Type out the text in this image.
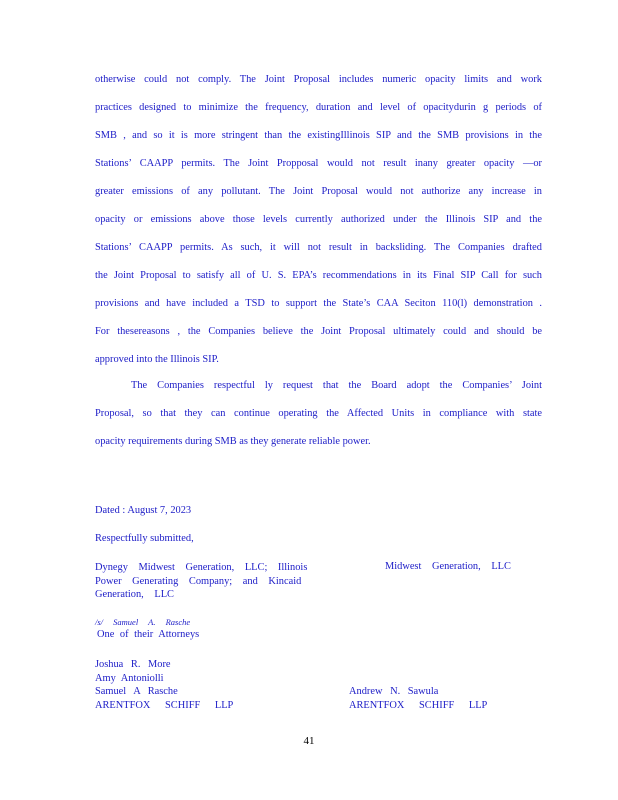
otherwise could not comply. The Joint Proposal includes numeric opacity limits and work
practices designed to minimize the frequency, duration and level of opacitydurin g periods of
SMB , and so it is more stringent than the existingIllinois SIP and the SMB provisions in the
Stations’ CAAPP permits. The Joint Propposal would not result inany greater opacity —or
greater emissions of any pollutant. The Joint Proposal would not authorize any increase in
opacity or emissions above those levels currently authorized under the Illinois SIP and the
Stations’ CAAPP permits. As such, it will not result in backsliding. The Companies drafted
the Joint Proposal to satisfy all of U. S. EPA’s recommendations in its Final SIP Call for such
provisions and have included a TSD to support the State’s CAA Seciton 110(l) demonstration .
For thesereasons , the Companies believe the Joint Proposal ultimately could and should be
approved into the Illinois SIP.
The Companies respectful ly request that the Board adopt the Companies’ Joint
Proposal, so that they can continue operating the Affected Units in compliance with state
opacity requirements during SMB as they generate reliable power.
Dated : August 7, 2023
Respectfully submitted,
Dynegy Midwest Generation, LLC; Illinois
Power Generating Company; and Kincaid
Generation, LLC
Midwest Generation, LLC
/s/ Samuel A. Rasche
One of their Attorneys
Joshua R. More
Amy Antoniolli
Samuel A Rasche
ARENTFOX SCHIFF LLP
Andrew N. Sawula
ARENTFOX SCHIFF LLP
41
